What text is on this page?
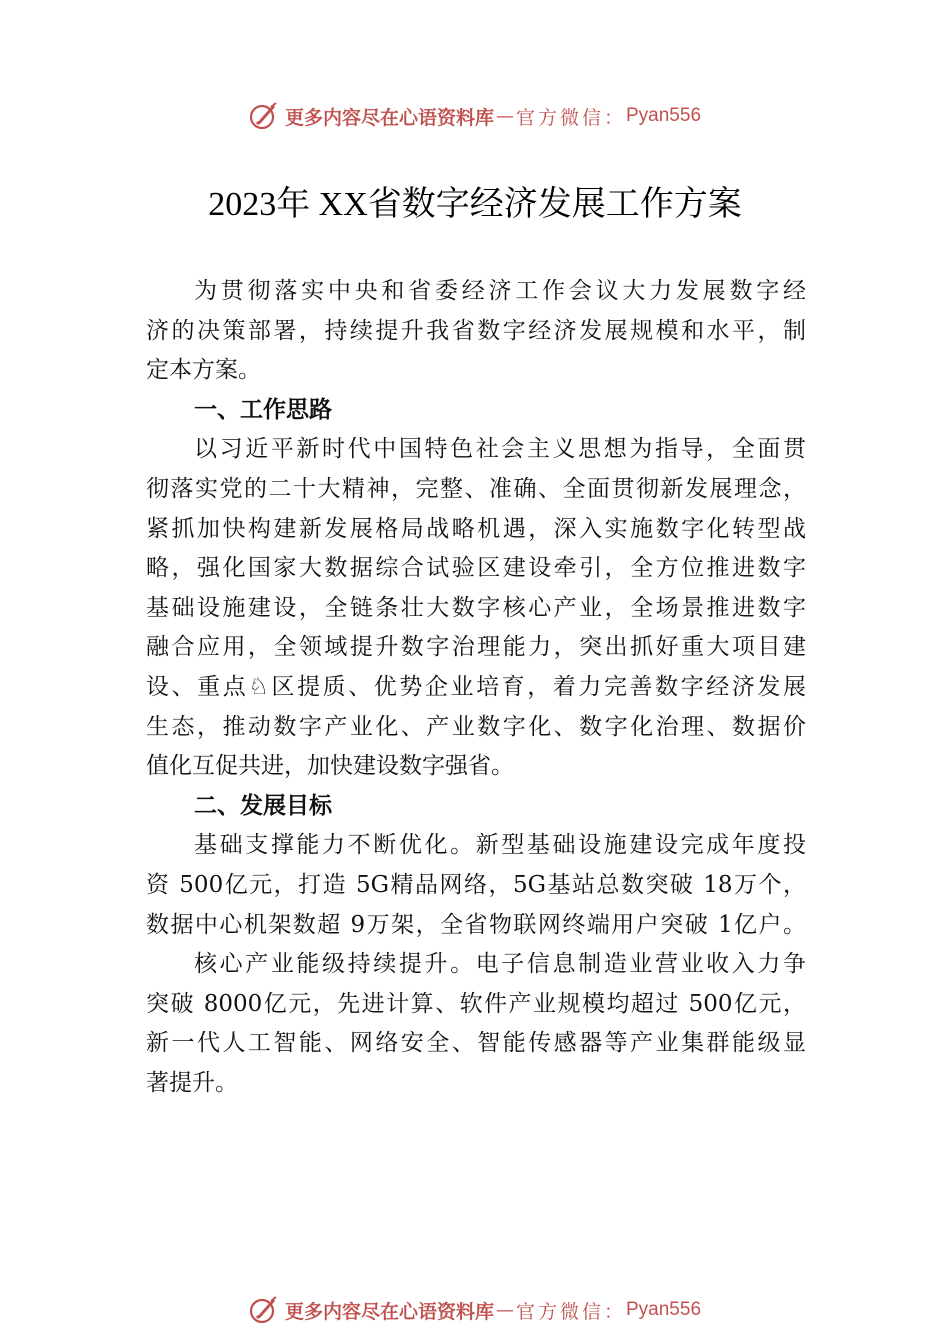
更多内容尽在心语资料库 — 官方微信： Pyan556
2023年 XX省数字经济发展工作方案
为贯彻落实中央和省委经济工作会议大力发展数字经
济的决策部署，持续提升我省数字经济发展规模和水平，制
定本方案。
一、工作思路
以习近平新时代中国特色社会主义思想为指导，全面贯
彻落实党的二十大精神，完整、准确、全面贯彻新发展理念，
紧抓加快构建新发展格局战略机遇，深入实施数字化转型战
略，强化国家大数据综合试验区建设牵引，全方位推进数字
基础设施建设，全链条壮大数字核心产业，全场景推进数字
融合应用，全领域提升数字治理能力，突出抓好重大项目建
设、重点♘区提质、优势企业培育，着力完善数字经济发展
生态，推动数字产业化、产业数字化、数字化治理、数据价
值化互促共进，加快建设数字强省。
二、发展目标
基础支撑能力不断优化。新型基础设施建设完成年度投
资 500亿元，打造 5G精品网络，5G基站总数突破 18万个，
数据中心机架数超 9万架，全省物联网终端用户突破 1亿户。
核心产业能级持续提升。电子信息制造业营业收入力争
突破 8000亿元，先进计算、软件产业规模均超过 500亿元，
新一代人工智能、网络安全、智能传感器等产业集群能级显
著提升。
更多内容尽在心语资料库 — 官方微信： Pyan556
